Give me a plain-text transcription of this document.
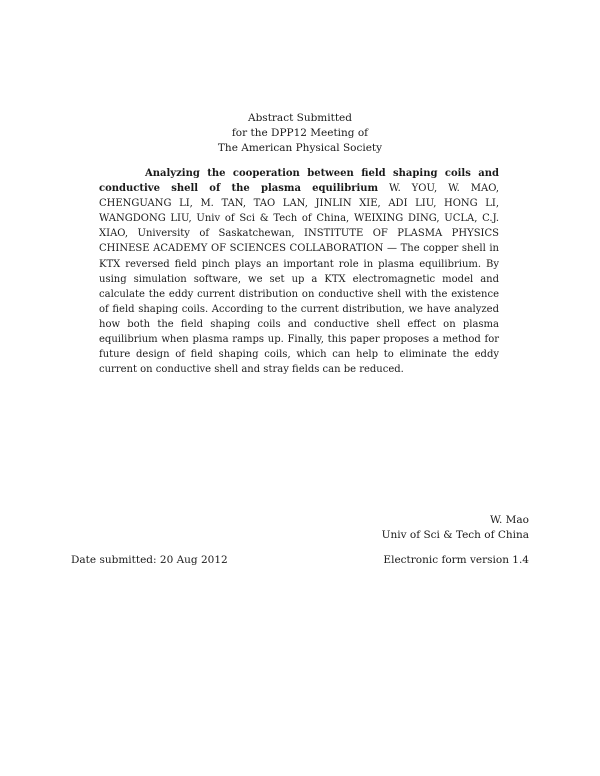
Abstract Submitted
for the DPP12 Meeting of
The American Physical Society
Analyzing the cooperation between field shaping coils and conductive shell of the plasma equilibrium W. YOU, W. MAO, CHENGUANG LI, M. TAN, TAO LAN, JINLIN XIE, ADI LIU, HONG LI, WANGDONG LIU, Univ of Sci & Tech of China, WEIXING DING, UCLA, C.J. XIAO, University of Saskatchewan, INSTITUTE OF PLASMA PHYSICS CHINESE ACADEMY OF SCIENCES COLLABORATION — The copper shell in KTX reversed field pinch plays an important role in plasma equilibrium. By using simulation software, we set up a KTX electromagnetic model and calculate the eddy current distribution on conductive shell with the existence of field shaping coils. According to the current distribution, we have analyzed how both the field shaping coils and conductive shell effect on plasma equilibrium when plasma ramps up. Finally, this paper proposes a method for future design of field shaping coils, which can help to eliminate the eddy current on conductive shell and stray fields can be reduced.
W. Mao
Univ of Sci & Tech of China
Date submitted: 20 Aug 2012	Electronic form version 1.4
